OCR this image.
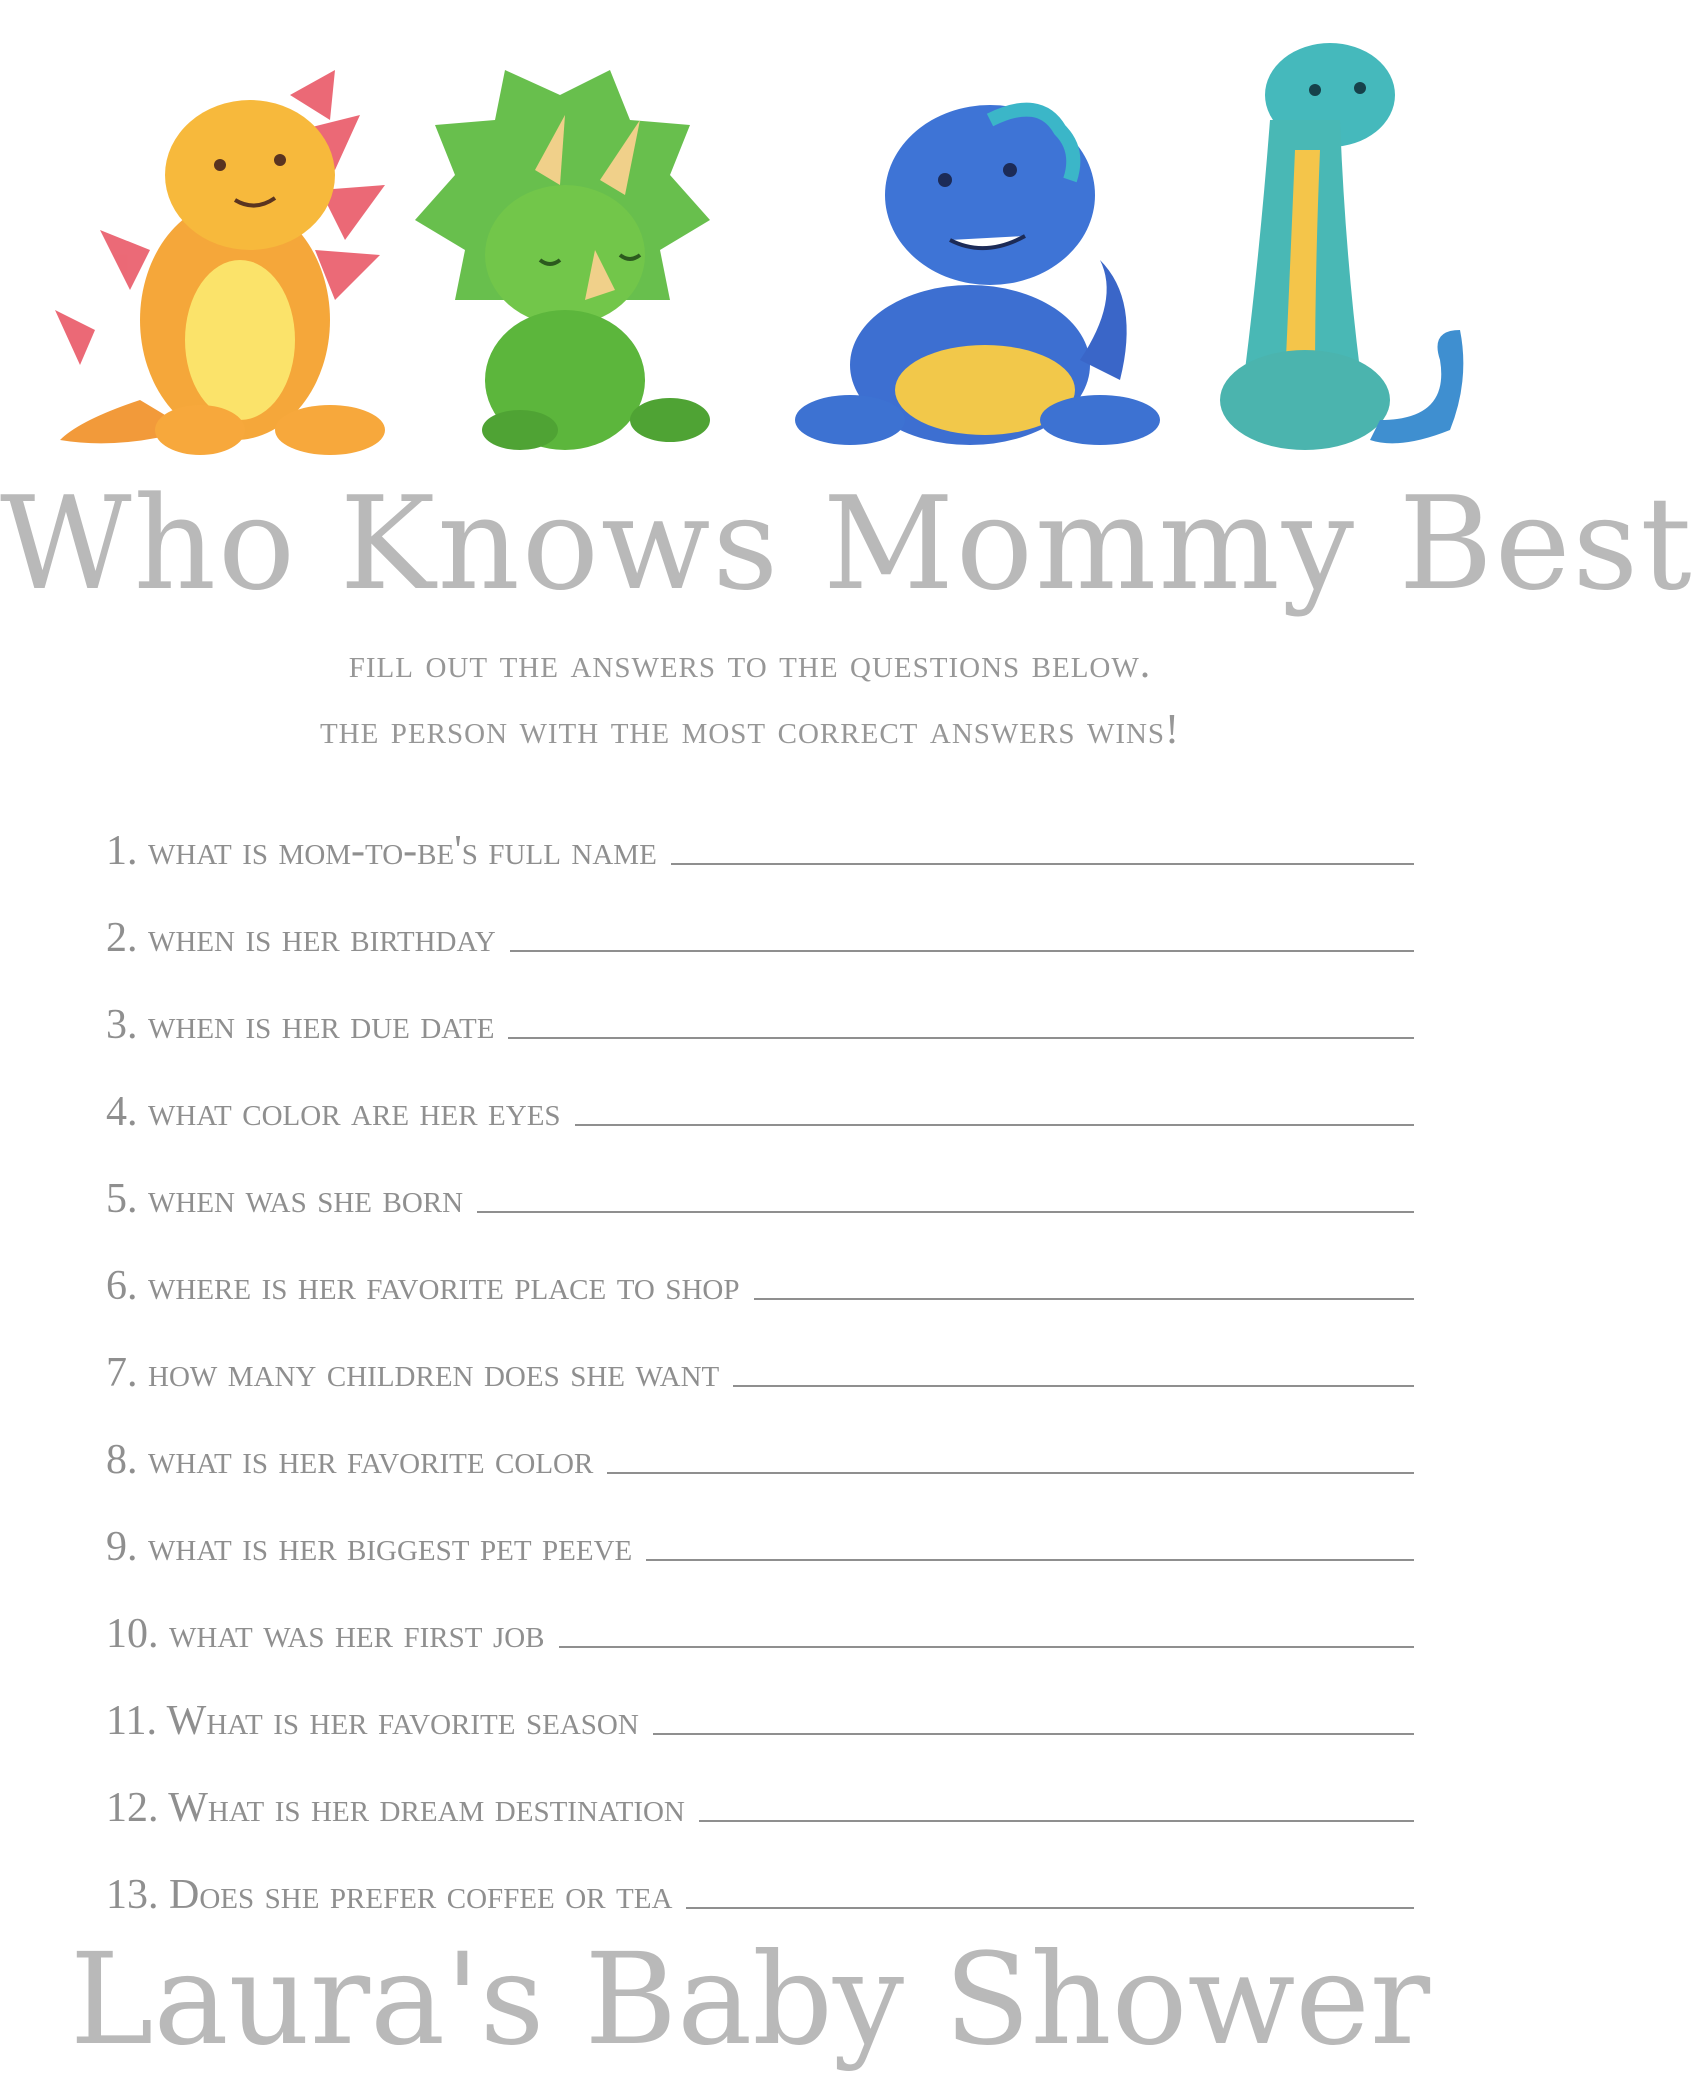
Who Knows Mommy Best
fill out the answers to the questions below.
the person with the most correct answers wins!
1. what is mom-to-be's full name
2. when is her birthday
3. when is her due date
4. what color are her eyes
5. when was she born
6. where is her favorite place to shop
7. how many children does she want
8. what is her favorite color
9. what is her biggest pet peeve
10. what was her first job
11. What is her favorite season
12. What is her dream destination
13. Does she prefer coffee or tea
Laura's Baby Shower
